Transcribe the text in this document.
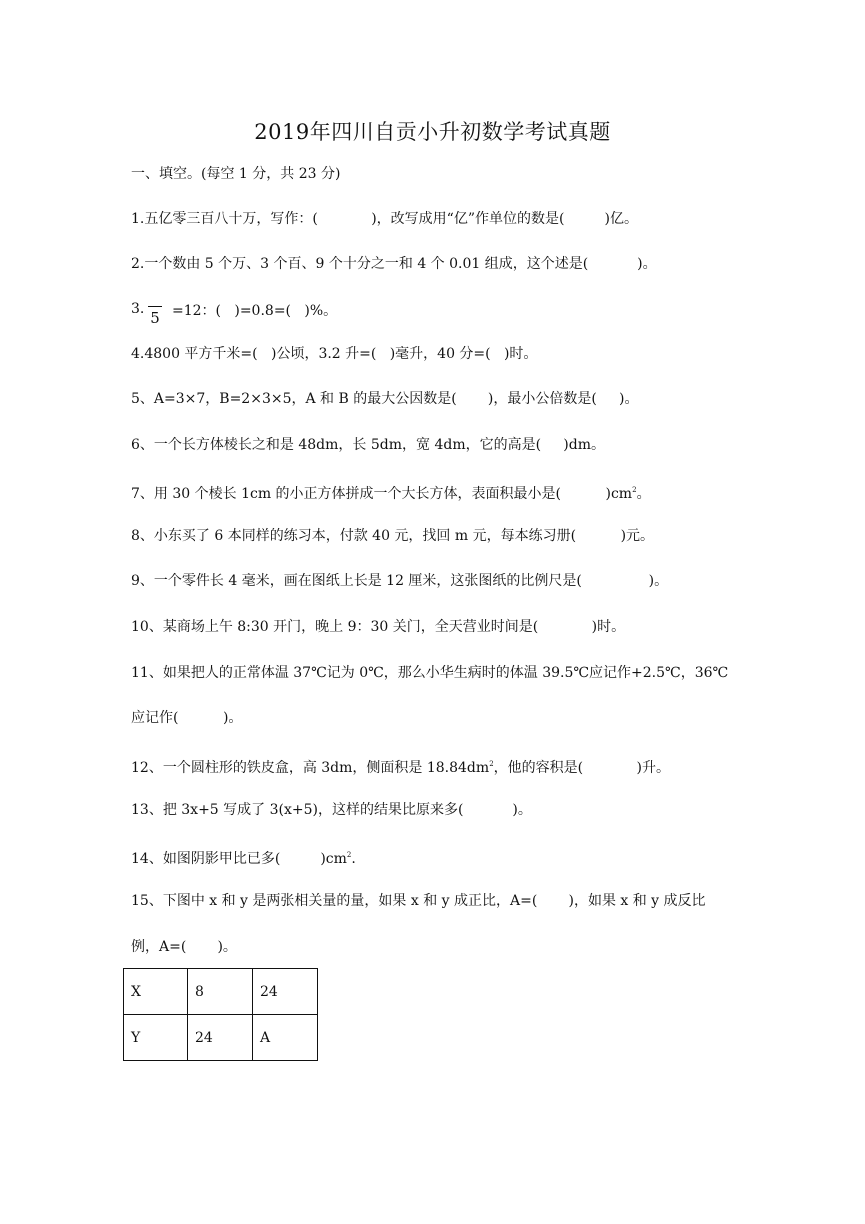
2019年四川自贡小升初数学考试真题
一、填空。(每空 1 分，共 23 分)
1.五亿零三百八十万，写作：(            )，改写成用“亿”作单位的数是(         )亿。
2.一个数由 5 个万、3 个百、9 个十分之一和 4 个 0.01 组成，这个述是(           )。
3. 5 =12：(   )=0.8=(   )%。
4.4800 平方千米=(   )公顷，3.2 升=(   )毫升，40 分=(   )时。
5、A=3×7，B=2×3×5，A 和 B 的最大公因数是(       )，最小公倍数是(     )。
6、一个长方体棱长之和是 48dm，长 5dm，宽 4dm，它的高是(     )dm。
7、用 30 个棱长 1cm 的小正方体拼成一个大长方体，表面积最小是(          )$cm^2$。
8、小东买了 6 本同样的练习本，付款 40 元，找回 m 元，每本练习册(          )元。
9、一个零件长 4 毫米，画在图纸上长是 12 厘米，这张图纸的比例尺是(               )。
10、某商场上午 8:30 开门，晚上 9：30 关门，全天营业时间是(            )时。
11、如果把人的正常体温 37℃记为 0℃，那么小华生病时的体温 39.5℃应记作+2.5℃，36℃
应记作(          )。
12、一个圆柱形的铁皮盒，高 3dm，侧面积是 $18.84dm^2$，他的容积是(            )升。
13、把 3x+5 写成了 3(x+5)，这样的结果比原来多(           )。
14、如图阴影甲比已多(         )$cm^2$.
15、下图中 x 和 y 是两张相关量的量，如果 x 和 y 成正比，A=(       )，如果 x 和 y 成反比
例，A=(       )。
X	8	24
Y	24	A
